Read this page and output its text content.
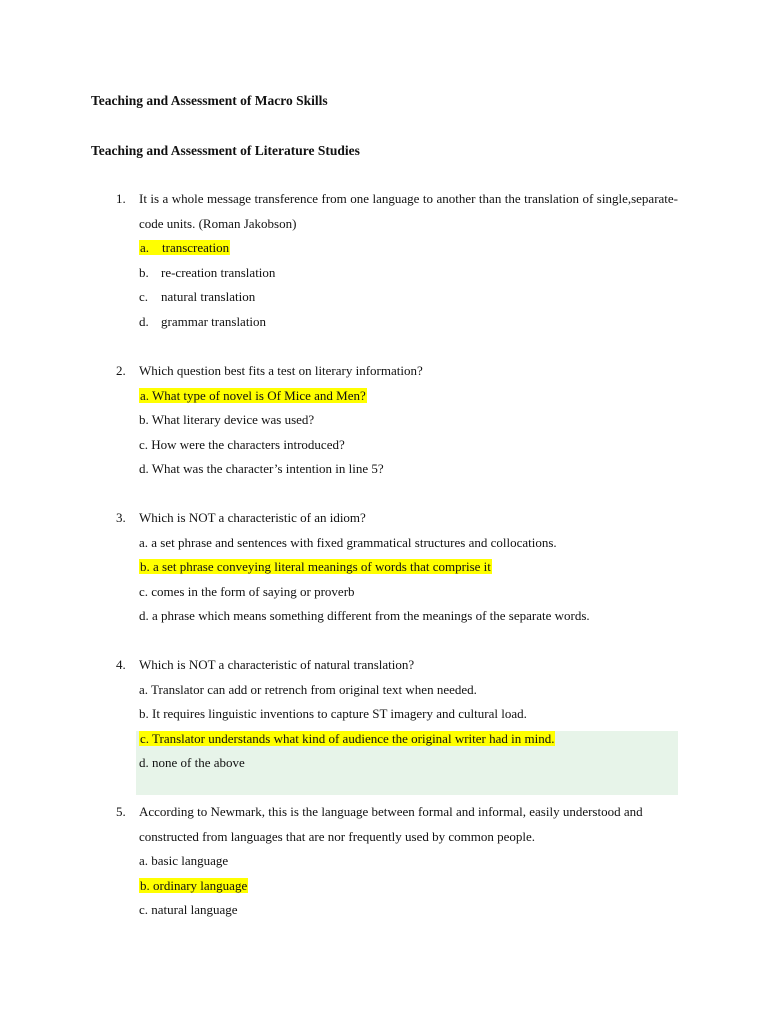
Teaching and Assessment of Macro Skills
Teaching and Assessment of Literature Studies
1.	It is a whole message transference from one language to another than the translation of single,separate-code units. (Roman Jakobson)
a. transcreation
b. re-creation translation
c. natural translation
d. grammar translation
2.	Which question best fits a test on literary information?
a. What type of novel is Of Mice and Men?
b. What literary device was used?
c. How were the characters introduced?
d. What was the character’s intention in line 5?
3.	Which is NOT a characteristic of an idiom?
a. a set phrase and sentences with fixed grammatical structures and collocations.
b. a set phrase conveying literal meanings of words that comprise it
c. comes in the form of saying or proverb
d. a phrase which means something different from the meanings of the separate words.
4.	Which is NOT a characteristic of natural translation?
a. Translator can add or retrench from original text when needed.
b. It requires linguistic inventions to capture ST imagery and cultural load.
c. Translator understands what kind of audience the original writer had in mind.
d. none of the above
5.	According to Newmark, this is the language between formal and informal, easily understood and constructed from languages that are nor frequently used by common people.
a. basic language
b. ordinary language
c. natural language
